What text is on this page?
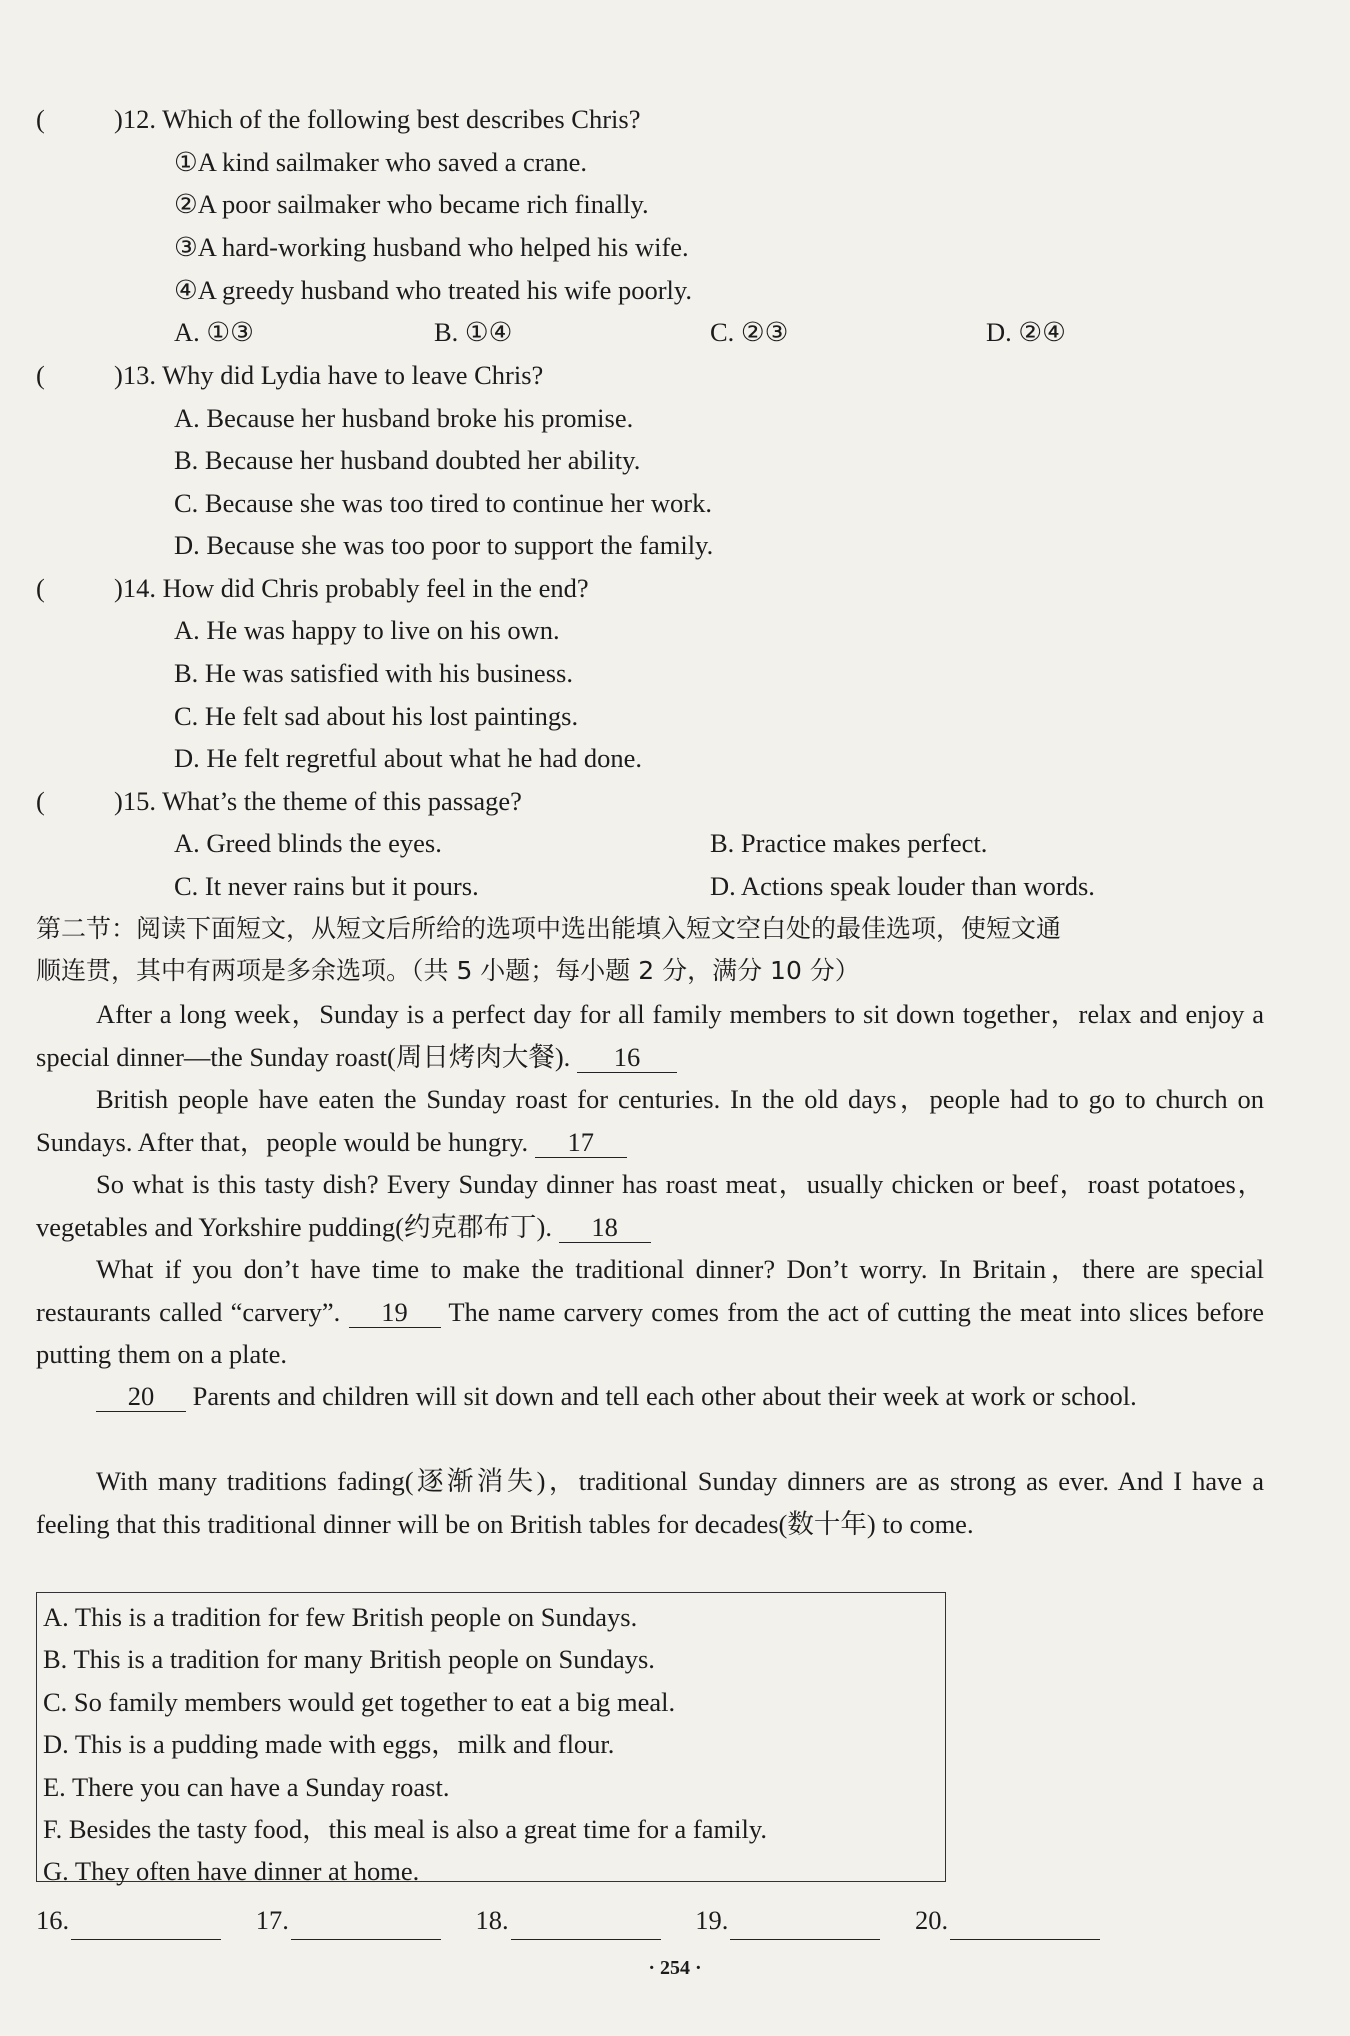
(	)12. Which of the following best describes Chris?
①A kind sailmaker who saved a crane.
②A poor sailmaker who became rich finally.
③A hard-working husband who helped his wife.
④A greedy husband who treated his wife poorly.
A. ①③	B. ①④	C. ②③	D. ②④
(	)13. Why did Lydia have to leave Chris?
A. Because her husband broke his promise.
B. Because her husband doubted her ability.
C. Because she was too tired to continue her work.
D. Because she was too poor to support the family.
(	)14. How did Chris probably feel in the end?
A. He was happy to live on his own.
B. He was satisfied with his business.
C. He felt sad about his lost paintings.
D. He felt regretful about what he had done.
(	)15. What’s the theme of this passage?
A. Greed blinds the eyes.	B. Practice makes perfect.
C. It never rains but it pours.	D. Actions speak louder than words.
第二节：阅读下面短文，从短文后所给的选项中选出能填入短文空白处的最佳选项，使短文通
顺连贯，其中有两项是多余选项。（共 5 小题；每小题 2 分，满分 10 分）
After a long week，Sunday is a perfect day for all family members to sit down together，relax and enjoy a special dinner—the Sunday roast(周日烤肉大餐). 16
British people have eaten the Sunday roast for centuries. In the old days，people had to go to church on Sundays. After that，people would be hungry. 17
So what is this tasty dish? Every Sunday dinner has roast meat，usually chicken or beef，roast potatoes，vegetables and Yorkshire pudding(约克郡布丁). 18
What if you don’t have time to make the traditional dinner? Don’t worry. In Britain，there are special restaurants called “carvery”. 19 The name carvery comes from the act of cutting the meat into slices before putting them on a plate.
20 Parents and children will sit down and tell each other about their week at work or school.
With many traditions fading(逐渐消失)，traditional Sunday dinners are as strong as ever. And I have a feeling that this traditional dinner will be on British tables for decades(数十年) to come.
A. This is a tradition for few British people on Sundays.
B. This is a tradition for many British people on Sundays.
C. So family members would get together to eat a big meal.
D. This is a pudding made with eggs，milk and flour.
E. There you can have a Sunday roast.
F. Besides the tasty food，this meal is also a great time for a family.
G. They often have dinner at home.
16.	17.	18.	19.	20.
· 254 ·
